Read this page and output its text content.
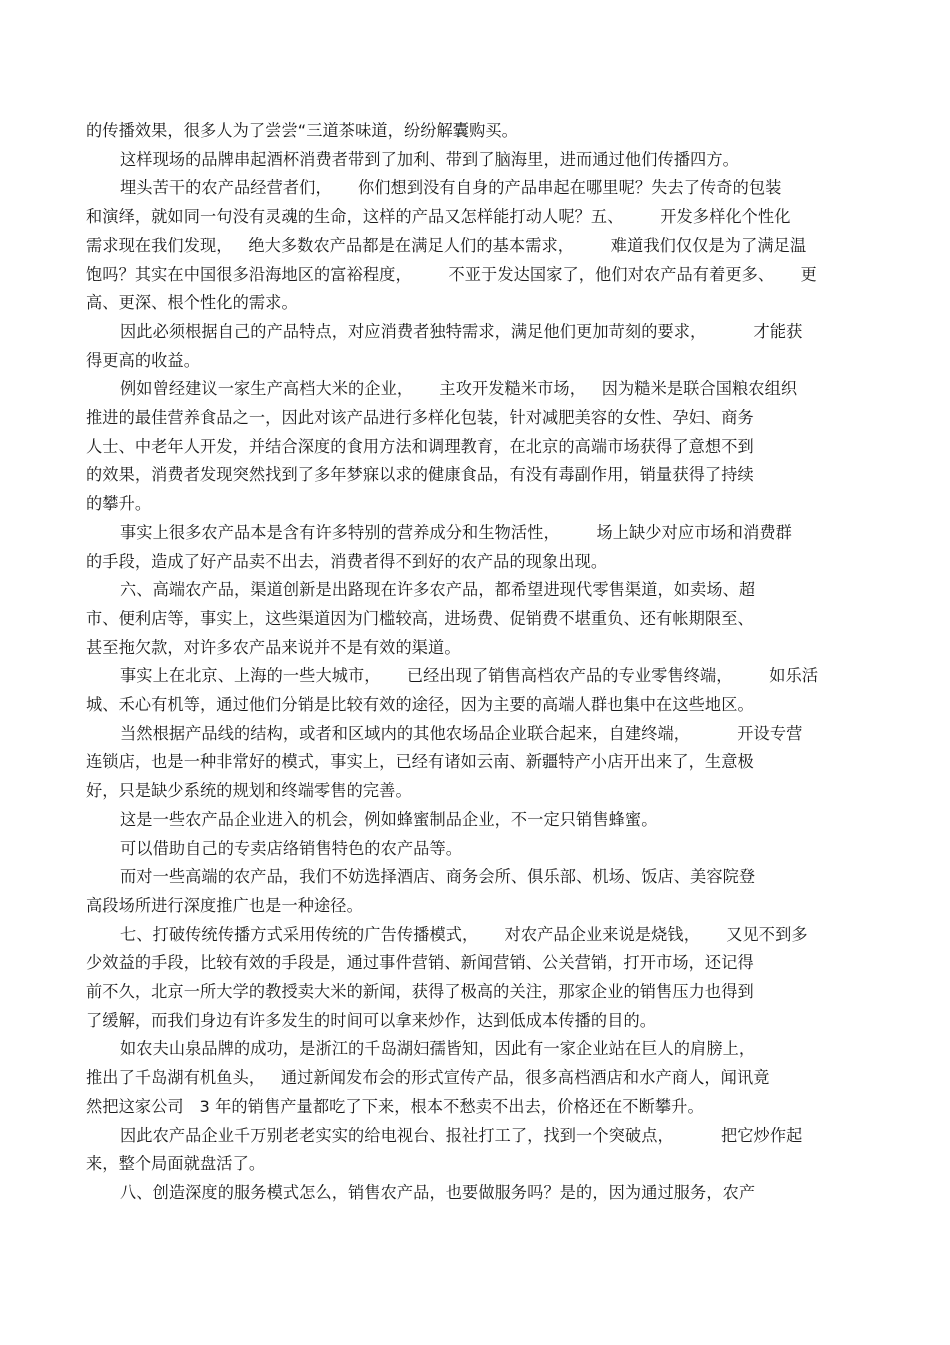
的传播效果，很多人为了尝尝“三道茶味道，纷纷解囊购买。
这样现场的品牌串起酒杯消费者带到了加利、带到了脑海里，进而通过他们传播四方。
埋头苦干的农产品经营者们，     你们想到没有自身的产品串起在哪里呢？失去了传奇的包装
和演绎，就如同一句没有灵魂的生命，这样的产品又怎样能打动人呢？五、       开发多样化个性化
需求现在我们发现，   绝大多数农产品都是在满足人们的基本需求，       难道我们仅仅是为了满足温
饱吗？其实在中国很多沿海地区的富裕程度，       不亚于发达国家了，他们对农产品有着更多、     更
高、更深、根个性化的需求。
因此必须根据自己的产品特点，对应消费者独特需求，满足他们更加苛刻的要求，         才能获
得更高的收益。
例如曾经建议一家生产高档大米的企业，     主攻开发糙米市场，   因为糙米是联合国粮农组织
推进的最佳营养食品之一，因此对该产品进行多样化包装，针对减肥美容的女性、孕妇、商务
人士、中老年人开发，并结合深度的食用方法和调理教育，在北京的高端市场获得了意想不到
的效果，消费者发现突然找到了多年梦寐以求的健康食品，有没有毒副作用，销量获得了持续
的攀升。
事实上很多农产品本是含有许多特别的营养成分和生物活性，       场上缺少对应市场和消费群
的手段，造成了好产品卖不出去，消费者得不到好的农产品的现象出现。
六、高端农产品，渠道创新是出路现在许多农产品，都希望进现代零售渠道，如卖场、超
市、便利店等，事实上，这些渠道因为门槛较高，进场费、促销费不堪重负、还有帐期限至、
甚至拖欠款，对许多农产品来说并不是有效的渠道。
事实上在北京、上海的一些大城市，     已经出现了销售高档农产品的专业零售终端，       如乐活
城、禾心有机等，通过他们分销是比较有效的途径，因为主要的高端人群也集中在这些地区。
当然根据产品线的结构，或者和区域内的其他农场品企业联合起来，自建终端，         开设专营
连锁店，也是一种非常好的模式，事实上，已经有诸如云南、新疆特产小店开出来了，生意极
好，只是缺少系统的规划和终端零售的完善。
这是一些农产品企业进入的机会，例如蜂蜜制品企业，不一定只销售蜂蜜。
可以借助自己的专卖店络销售特色的农产品等。
而对一些高端的农产品，我们不妨选择酒店、商务会所、俱乐部、机场、饭店、美容院登
高段场所进行深度推广也是一种途径。
七、打破传统传播方式采用传统的广告传播模式，     对农产品企业来说是烧钱，     又见不到多
少效益的手段，比较有效的手段是，通过事件营销、新闻营销、公关营销，打开市场，还记得
前不久，北京一所大学的教授卖大米的新闻，获得了极高的关注，那家企业的销售压力也得到
了缓解，而我们身边有许多发生的时间可以拿来炒作，达到低成本传播的目的。
如农夫山泉品牌的成功，是浙江的千岛湖妇孺皆知，因此有一家企业站在巨人的肩膀上，
推出了千岛湖有机鱼头，   通过新闻发布会的形式宣传产品，很多高档酒店和水产商人，闻讯竟
然把这家公司   3 年的销售产量都吃了下来，根本不愁卖不出去，价格还在不断攀升。
因此农产品企业千万别老老实实的给电视台、报社打工了，找到一个突破点，         把它炒作起
来，整个局面就盘活了。
八、创造深度的服务模式怎么，销售农产品，也要做服务吗？是的，因为通过服务，农产
